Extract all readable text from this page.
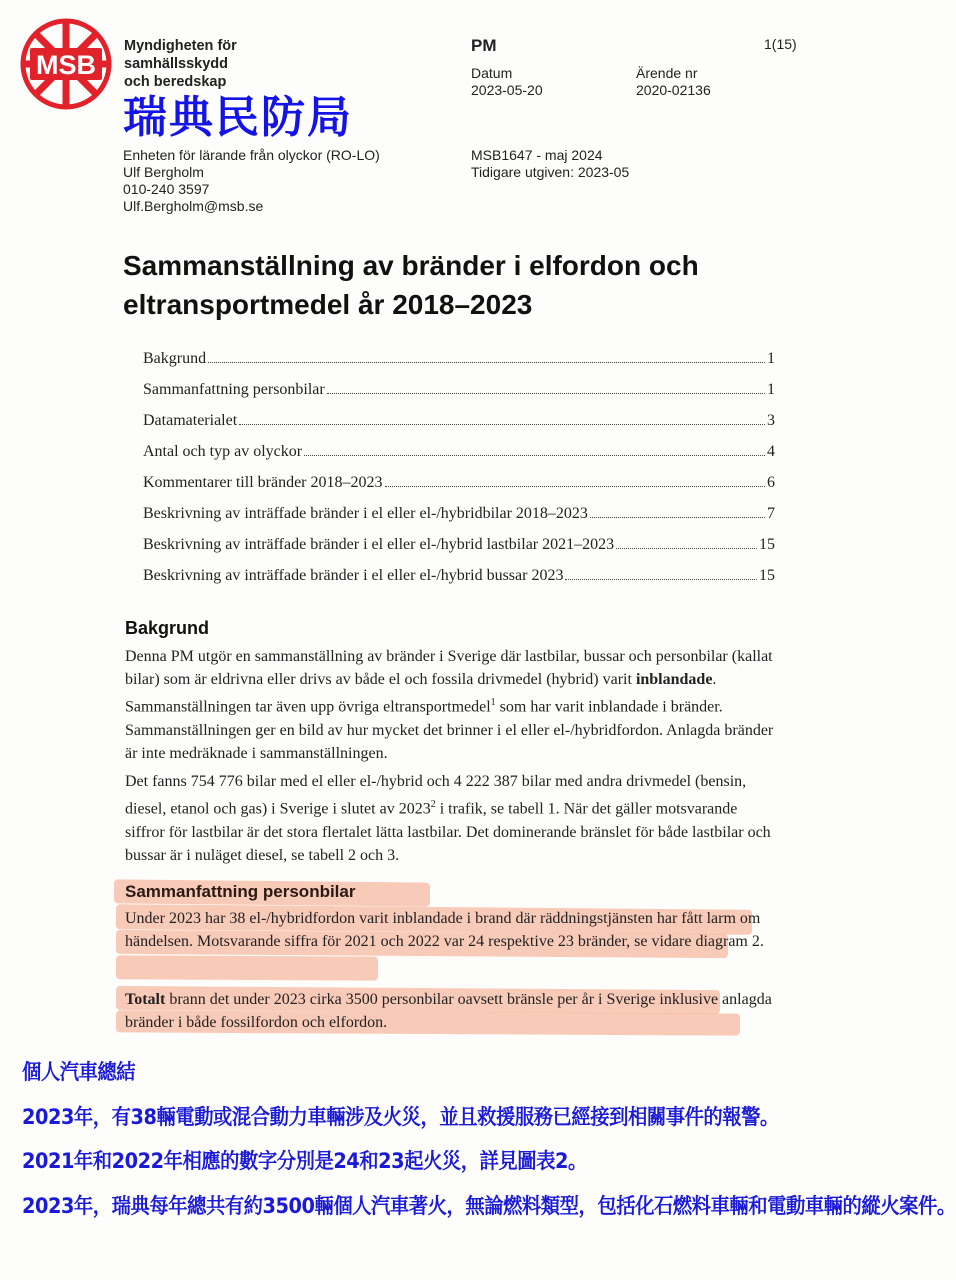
MSB
Myndigheten för
samhällsskydd
och beredskap
瑞典民防局
Enheten för lärande från olyckor (RO-LO)
Ulf Bergholm
010-240 3597
Ulf.Bergholm@msb.se
PM	1(15)
Datum
2023-05-20
Ärende nr
2020-02136
MSB1647 - maj 2024
Tidigare utgiven: 2023-05
Sammanställning av bränder i elfordon och
eltransportmedel år 2018–2023
Bakgrund	1
Sammanfattning personbilar	1
Datamaterialet	3
Antal och typ av olyckor	4
Kommentarer till bränder 2018–2023	6
Beskrivning av inträffade bränder i el eller el-/hybridbilar 2018–2023	7
Beskrivning av inträffade bränder i el eller el-/hybrid lastbilar 2021–2023	15
Beskrivning av inträffade bränder i el eller el-/hybrid bussar 2023	15
Bakgrund
Denna PM utgör en sammanställning av bränder i Sverige där lastbilar, bussar och personbilar (kallat bilar) som är eldrivna eller drivs av både el och fossila drivmedel (hybrid) varit inblandade. Sammanställningen tar även upp övriga eltransportmedel$^1$ som har varit inblandade i bränder. Sammanställningen ger en bild av hur mycket det brinner i el eller el-/hybridfordon. Anlagda bränder är inte medräknade i sammanställningen.
Det fanns 754 776 bilar med el eller el-/hybrid och 4 222 387 bilar med andra drivmedel (bensin, diesel, etanol och gas) i Sverige i slutet av 2023$^2$ i trafik, se tabell 1. När det gäller motsvarande siffror för lastbilar är det stora flertalet lätta lastbilar. Det dominerande bränslet för både lastbilar och bussar är i nuläget diesel, se tabell 2 och 3.
Sammanfattning personbilar
Under 2023 har 38 el-/hybridfordon varit inblandade i brand där räddningstjänsten har fått larm om händelsen. Motsvarande siffra för 2021 och 2022 var 24 respektive 23 bränder, se vidare diagram 2.
Totalt brann det under 2023 cirka 3500 personbilar oavsett bränsle per år i Sverige inklusive anlagda bränder i både fossilfordon och elfordon.
個人汽車總結
2023年，有38輛電動或混合動力車輛涉及火災，並且救援服務已經接到相關事件的報警。
2021年和2022年相應的數字分別是24和23起火災，詳見圖表2。
2023年，瑞典每年總共有約3500輛個人汽車著火，無論燃料類型，包括化石燃料車輛和電動車輛的縱火案件。
